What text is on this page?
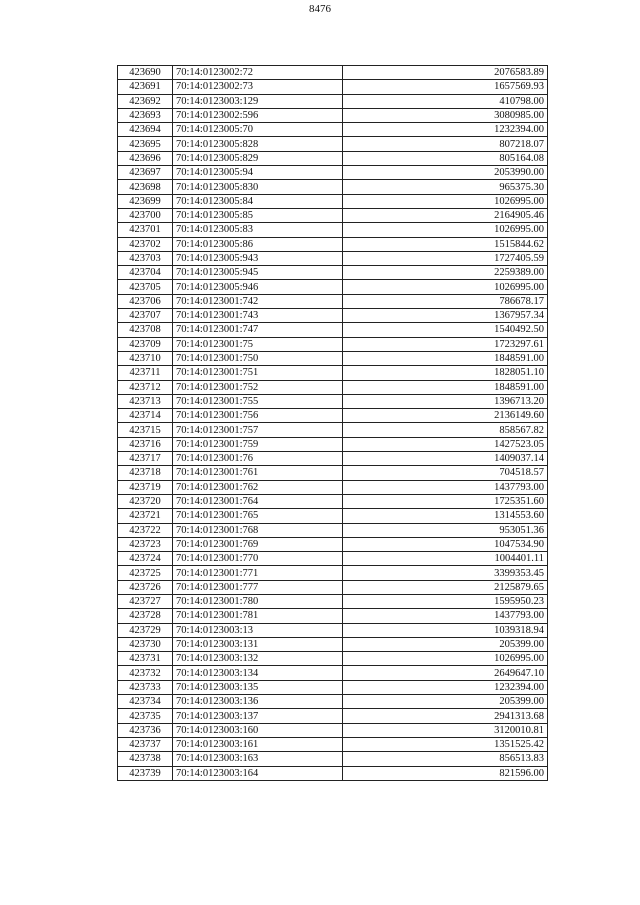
8476
423690	70:14:0123002:72	2076583.89
423691	70:14:0123002:73	1657569.93
423692	70:14:0123003:129	410798.00
423693	70:14:0123002:596	3080985.00
423694	70:14:0123005:70	1232394.00
423695	70:14:0123005:828	807218.07
423696	70:14:0123005:829	805164.08
423697	70:14:0123005:94	2053990.00
423698	70:14:0123005:830	965375.30
423699	70:14:0123005:84	1026995.00
423700	70:14:0123005:85	2164905.46
423701	70:14:0123005:83	1026995.00
423702	70:14:0123005:86	1515844.62
423703	70:14:0123005:943	1727405.59
423704	70:14:0123005:945	2259389.00
423705	70:14:0123005:946	1026995.00
423706	70:14:0123001:742	786678.17
423707	70:14:0123001:743	1367957.34
423708	70:14:0123001:747	1540492.50
423709	70:14:0123001:75	1723297.61
423710	70:14:0123001:750	1848591.00
423711	70:14:0123001:751	1828051.10
423712	70:14:0123001:752	1848591.00
423713	70:14:0123001:755	1396713.20
423714	70:14:0123001:756	2136149.60
423715	70:14:0123001:757	858567.82
423716	70:14:0123001:759	1427523.05
423717	70:14:0123001:76	1409037.14
423718	70:14:0123001:761	704518.57
423719	70:14:0123001:762	1437793.00
423720	70:14:0123001:764	1725351.60
423721	70:14:0123001:765	1314553.60
423722	70:14:0123001:768	953051.36
423723	70:14:0123001:769	1047534.90
423724	70:14:0123001:770	1004401.11
423725	70:14:0123001:771	3399353.45
423726	70:14:0123001:777	2125879.65
423727	70:14:0123001:780	1595950.23
423728	70:14:0123001:781	1437793.00
423729	70:14:0123003:13	1039318.94
423730	70:14:0123003:131	205399.00
423731	70:14:0123003:132	1026995.00
423732	70:14:0123003:134	2649647.10
423733	70:14:0123003:135	1232394.00
423734	70:14:0123003:136	205399.00
423735	70:14:0123003:137	2941313.68
423736	70:14:0123003:160	3120010.81
423737	70:14:0123003:161	1351525.42
423738	70:14:0123003:163	856513.83
423739	70:14:0123003:164	821596.00
